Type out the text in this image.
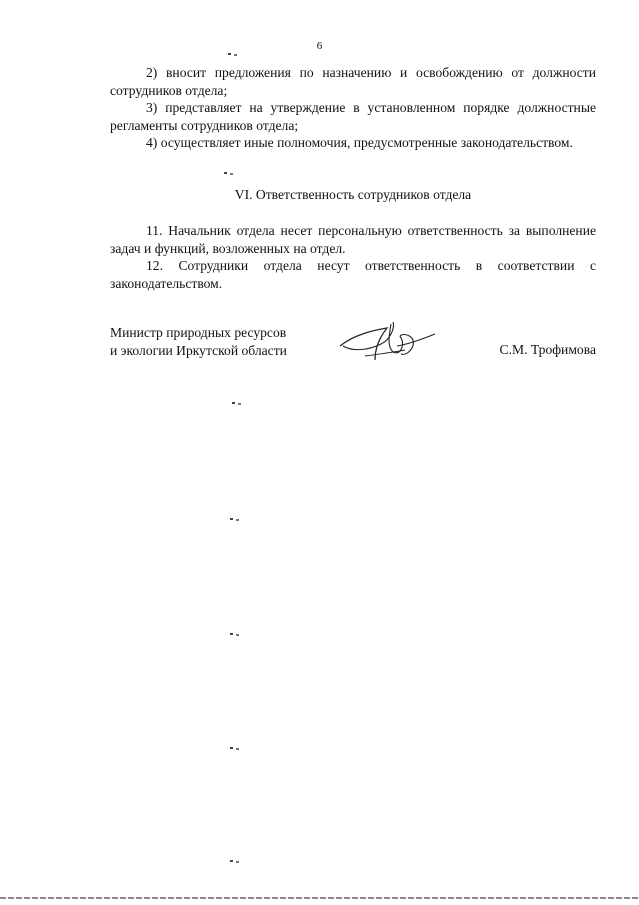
6

2) вносит предложения по назначению и освобождению от должности сотрудников отдела;

3) представляет на утверждение в установленном порядке должностные регламенты сотрудников отдела;

4) осуществляет иные полномочия, предусмотренные законодательством.

VI. Ответственность сотрудников отдела

11. Начальник отдела несет персональную ответственность за выполнение задач и функций, возложенных на отдел.

12. Сотрудники отдела несут ответственность в соответствии с законодательством.

Министр природных ресурсов
и экологии Иркутской области	С.М. Трофимова
